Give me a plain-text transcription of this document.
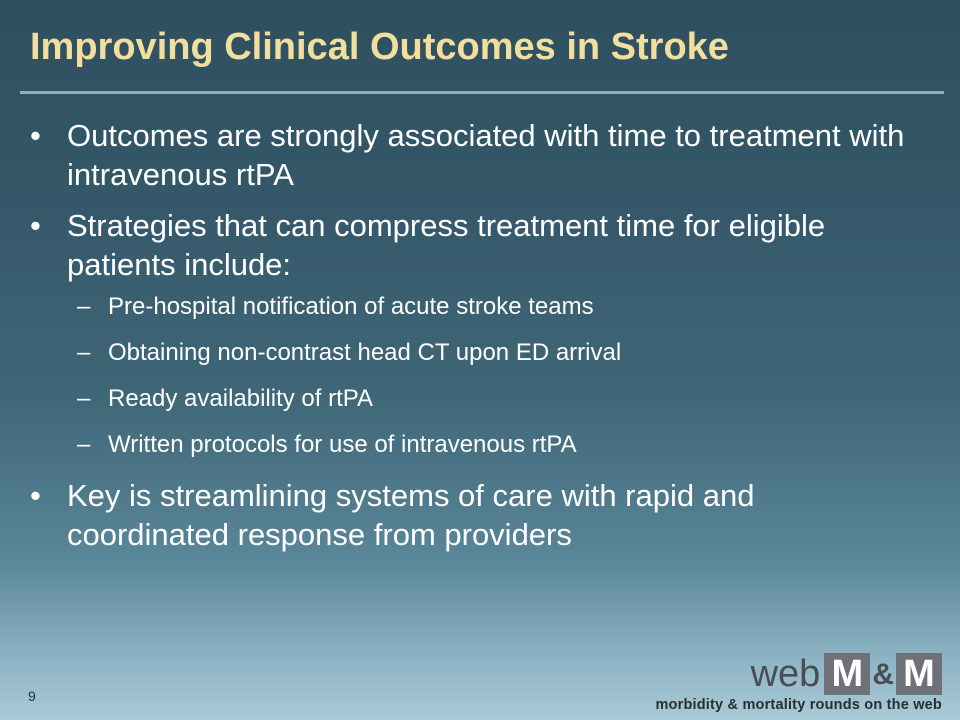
Improving Clinical Outcomes in Stroke
• Outcomes are strongly associated with time to treatment with intravenous rtPA
• Strategies that can compress treatment time for eligible patients include:
– Pre-hospital notification of acute stroke teams
– Obtaining non-contrast head CT upon ED arrival
– Ready availability of rtPA
– Written protocols for use of intravenous rtPA
• Key is streamlining systems of care with rapid and coordinated response from providers
9
web M & M
morbidity & mortality rounds on the web
